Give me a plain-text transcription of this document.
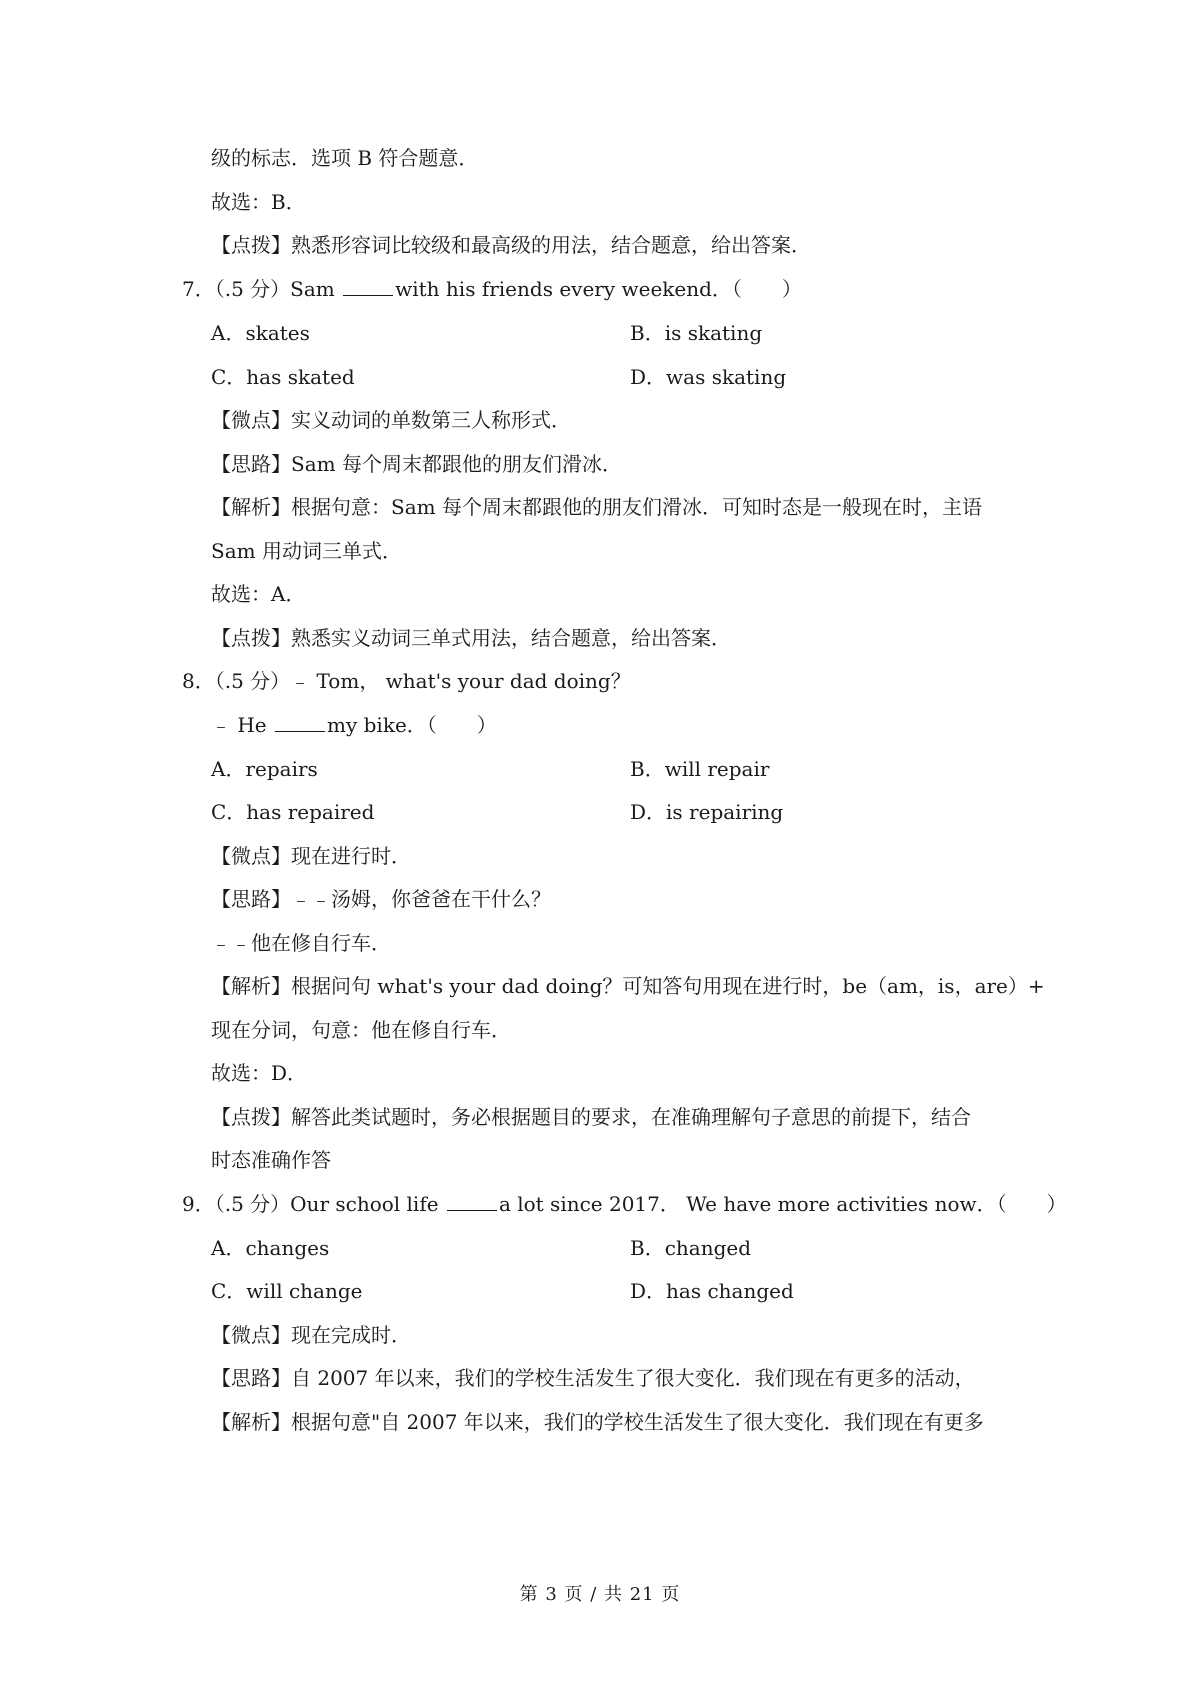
级的标志．选项 B 符合题意．
故选：B．
【点拨】熟悉形容词比较级和最高级的用法，结合题意，给出答案．
7．（.5 分）Sam	with his friends every weekend．（　　）
A．skates	B．is skating
C．has skated	D．was skating
【微点】实义动词的单数第三人称形式．
【思路】Sam 每个周末都跟他的朋友们滑冰．
【解析】根据句意：Sam 每个周末都跟他的朋友们滑冰．可知时态是一般现在时，主语
Sam 用动词三单式．
故选：A．
【点拨】熟悉实义动词三单式用法，结合题意，给出答案．
8．（.5 分）﹣ Tom， what's your dad doing？
﹣ He	my bike．（　　）
A．repairs	B．will repair
C．has repaired	D．is repairing
【微点】现在进行时．
【思路】﹣﹣汤姆，你爸爸在干什么？
﹣﹣他在修自行车．
【解析】根据问句 what's your dad doing？可知答句用现在进行时，be（am，is，are）+
现在分词，句意：他在修自行车．
故选：D．
【点拨】解答此类试题时，务必根据题目的要求，在准确理解句子意思的前提下，结合
时态准确作答
9．（.5 分）Our school life	a lot since 2017． We have more activities now．（　　）
A．changes	B．changed
C．will change	D．has changed
【微点】现在完成时．
【思路】自 2007 年以来，我们的学校生活发生了很大变化．我们现在有更多的活动，
【解析】根据句意"自 2007 年以来，我们的学校生活发生了很大变化．我们现在有更多
第 3 页 / 共 21 页
